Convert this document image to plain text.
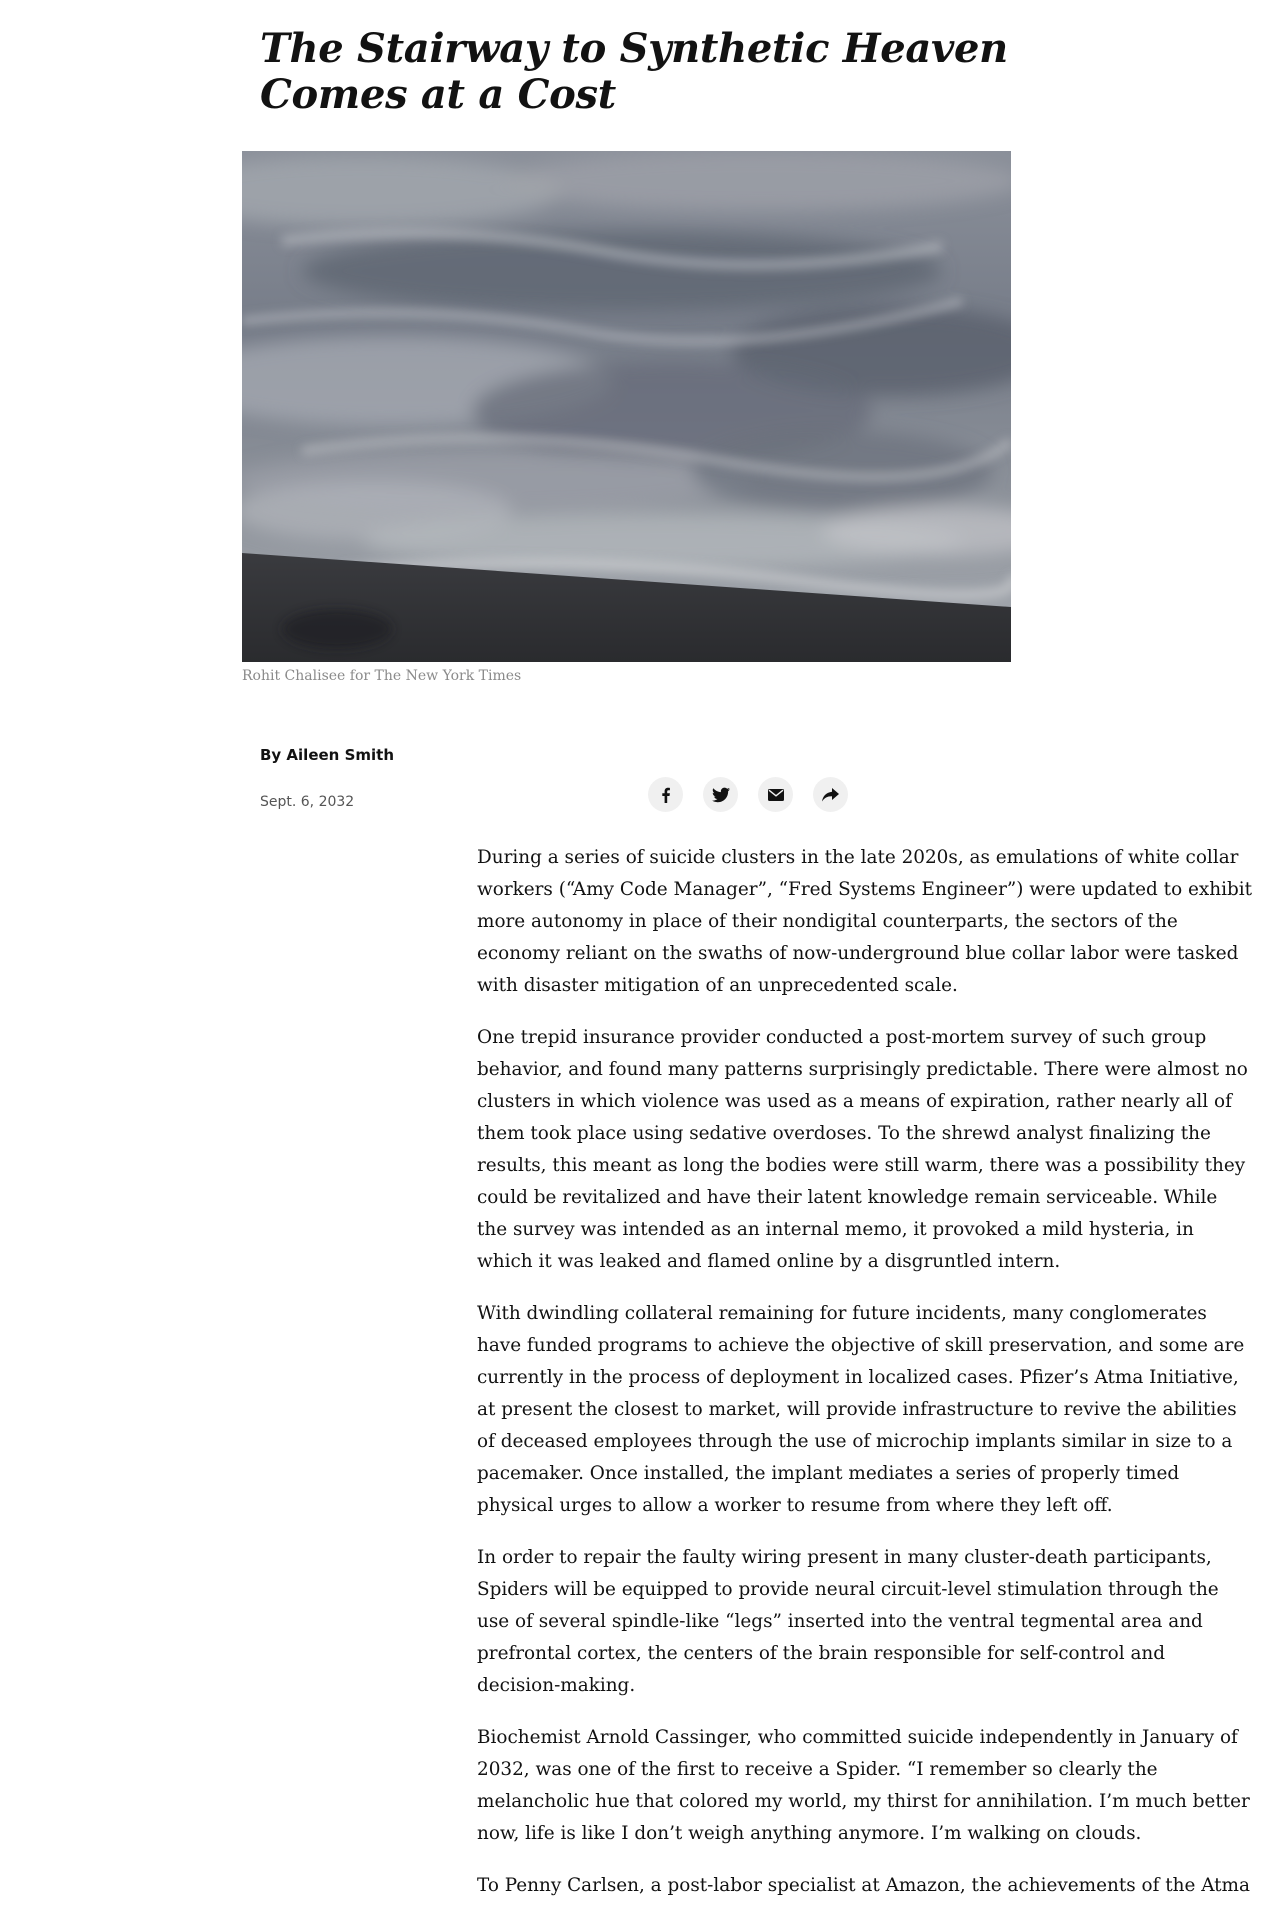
The Stairway to Synthetic Heaven Comes at a Cost
Rohit Chalisee for The New York Times
By Aileen Smith
Sept. 6, 2032

During a series of suicide clusters in the late 2020s, as emulations of white collar workers (“Amy Code Manager”, “Fred Systems Engineer”) were updated to exhibit more autonomy in place of their nondigital counterparts, the sectors of the economy reliant on the swaths of now-underground blue collar labor were tasked with disaster mitigation of an unprecedented scale.

One trepid insurance provider conducted a post-mortem survey of such group behavior, and found many patterns surprisingly predictable. There were almost no clusters in which violence was used as a means of expiration, rather nearly all of them took place using sedative overdoses. To the shrewd analyst finalizing the results, this meant as long the bodies were still warm, there was a possibility they could be revitalized and have their latent knowledge remain serviceable. While the survey was intended as an internal memo, it provoked a mild hysteria, in which it was leaked and flamed online by a disgruntled intern.

With dwindling collateral remaining for future incidents, many conglomerates have funded programs to achieve the objective of skill preservation, and some are currently in the process of deployment in localized cases. Pfizer’s Atma Initiative, at present the closest to market, will provide infrastructure to revive the abilities of deceased employees through the use of microchip implants similar in size to a pacemaker. Once installed, the implant mediates a series of properly timed physical urges to allow a worker to resume from where they left off.

In order to repair the faulty wiring present in many cluster-death participants, Spiders will be equipped to provide neural circuit-level stimulation through the use of several spindle-like “legs” inserted into the ventral tegmental area and prefrontal cortex, the centers of the brain responsible for self-control and decision-making.

Biochemist Arnold Cassinger, who committed suicide independently in January of 2032, was one of the first to receive a Spider. “I remember so clearly the melancholic hue that colored my world, my thirst for annihilation. I’m much better now, life is like I don’t weigh anything anymore. I’m walking on clouds.

To Penny Carlsen, a post-labor specialist at Amazon, the achievements of the Atma
